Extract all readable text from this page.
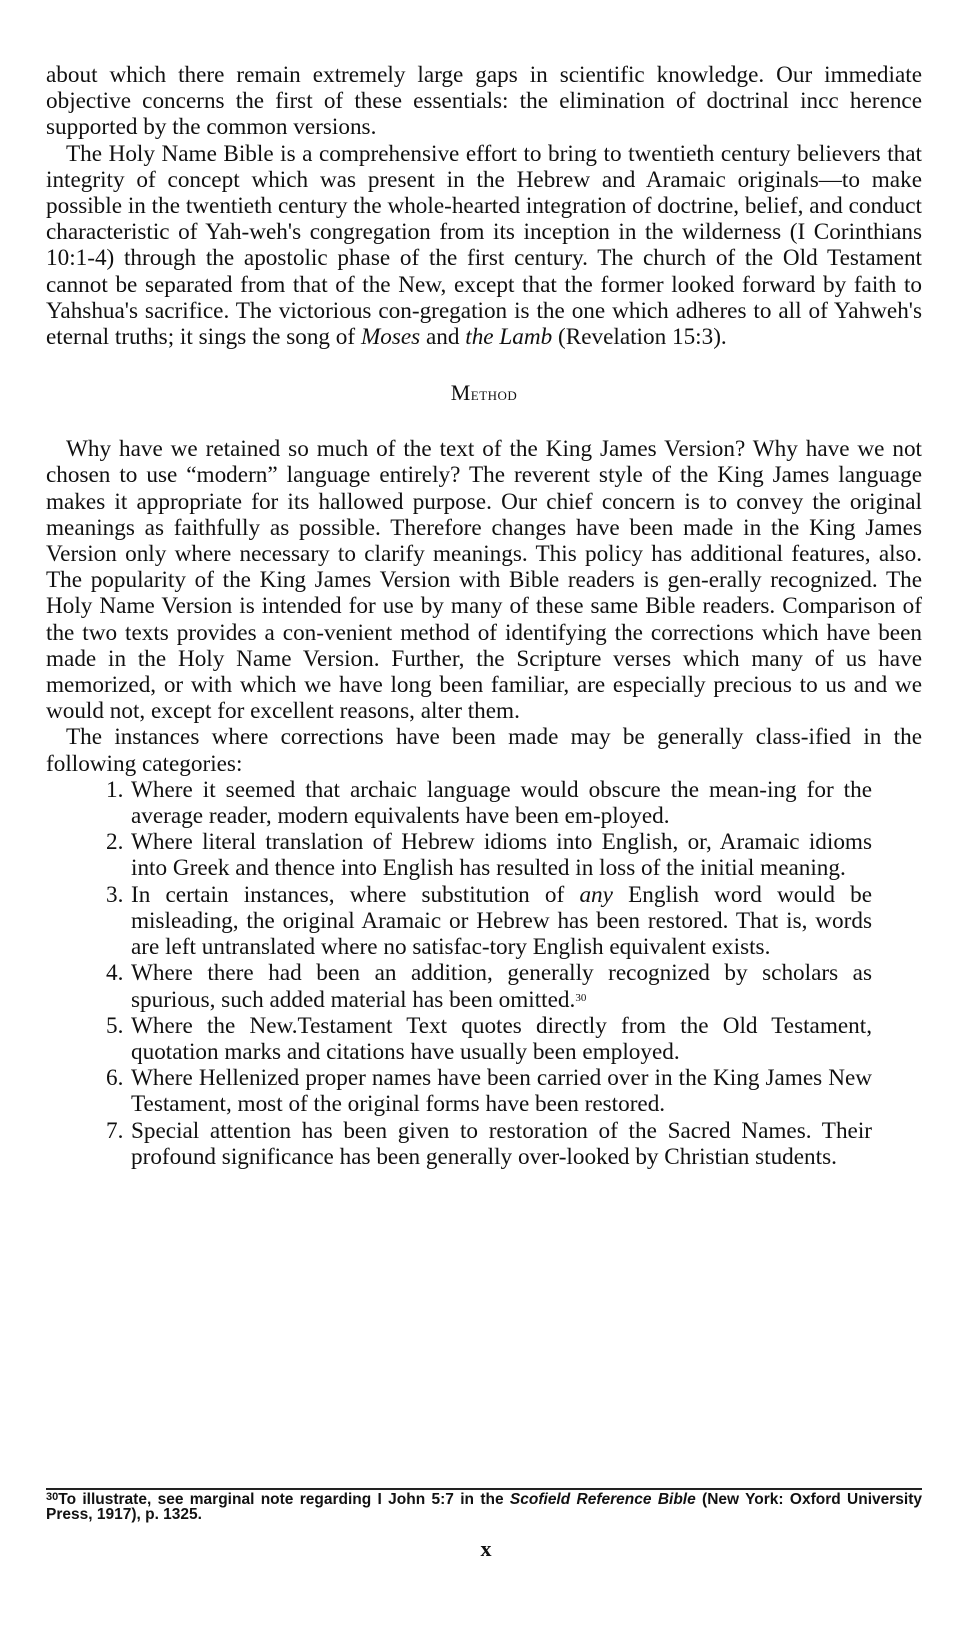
about which there remain extremely large gaps in scientific knowledge. Our immediate objective concerns the first of these essentials: the elimination of doctrinal incc herence supported by the common versions.

The Holy Name Bible is a comprehensive effort to bring to twentieth century believers that integrity of concept which was present in the Hebrew and Aramaic originals—to make possible in the twentieth century the whole-hearted integration of doctrine, belief, and conduct characteristic of Yah-weh's congregation from its inception in the wilderness (I Corinthians 10:1-4) through the apostolic phase of the first century. The church of the Old Testament cannot be separated from that of the New, except that the former looked forward by faith to Yahshua's sacrifice. The victorious con-gregation is the one which adheres to all of Yahweh's eternal truths; it sings the song of Moses and the Lamb (Revelation 15:3).

Method

Why have we retained so much of the text of the King James Version? Why have we not chosen to use “modern” language entirely? The reverent style of the King James language makes it appropriate for its hallowed purpose. Our chief concern is to convey the original meanings as faithfully as possible. Therefore changes have been made in the King James Version only where necessary to clarify meanings. This policy has additional features, also. The popularity of the King James Version with Bible readers is gen-erally recognized. The Holy Name Version is intended for use by many of these same Bible readers. Comparison of the two texts provides a con-venient method of identifying the corrections which have been made in the Holy Name Version. Further, the Scripture verses which many of us have memorized, or with which we have long been familiar, are especially precious to us and we would not, except for excellent reasons, alter them.

The instances where corrections have been made may be generally class-ified in the following categories:

1. Where it seemed that archaic language would obscure the mean-ing for the average reader, modern equivalents have been em-ployed.
2. Where literal translation of Hebrew idioms into English, or, Aramaic idioms into Greek and thence into English has resulted in loss of the initial meaning.
3. In certain instances, where substitution of any English word would be misleading, the original Aramaic or Hebrew has been restored. That is, words are left untranslated where no satisfac-tory English equivalent exists.
4. Where there had been an addition, generally recognized by scholars as spurious, such added material has been omitted.$^{30}$
5. Where the New.Testament Text quotes directly from the Old Testament, quotation marks and citations have usually been employed.
6. Where Hellenized proper names have been carried over in the King James New Testament, most of the original forms have been restored.
7. Special attention has been given to restoration of the Sacred Names. Their profound significance has been generally over-looked by Christian students.
$^{30}$To illustrate, see marginal note regarding I John 5:7 in the Scofield Reference Bible (New York: Oxford University Press, 1917), p. 1325.
x
